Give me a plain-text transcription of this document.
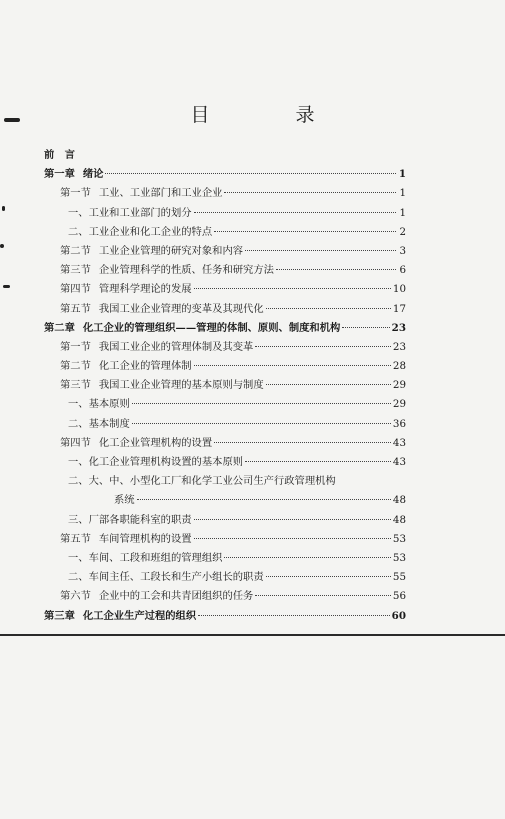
目 录
前　言
第一章 绪论	1
第一节 工业、工业部门和工业企业	1
一、工业和工业部门的划分	1
二、工业企业和化工企业的特点	2
第二节 工业企业管理的研究对象和内容	3
第三节 企业管理科学的性质、任务和研究方法	6
第四节 管理科学理论的发展	10
第五节 我国工业企业管理的变革及其现代化	17
第二章 化工企业的管理组织——管理的体制、原则、制度和机构	23
第一节 我国工业企业的管理体制及其变革	23
第二节 化工企业的管理体制	28
第三节 我国工业企业管理的基本原则与制度	29
一、基本原则	29
二、基本制度	36
第四节 化工企业管理机构的设置	43
一、化工企业管理机构设置的基本原则	43
二、大、中、小型化工厂和化学工业公司生产行政管理机构
系统	48
三、厂部各职能科室的职责	48
第五节 车间管理机构的设置	53
一、车间、工段和班组的管理组织	53
二、车间主任、工段长和生产小组长的职责	55
第六节 企业中的工会和共青团组织的任务	56
第三章 化工企业生产过程的组织	60
